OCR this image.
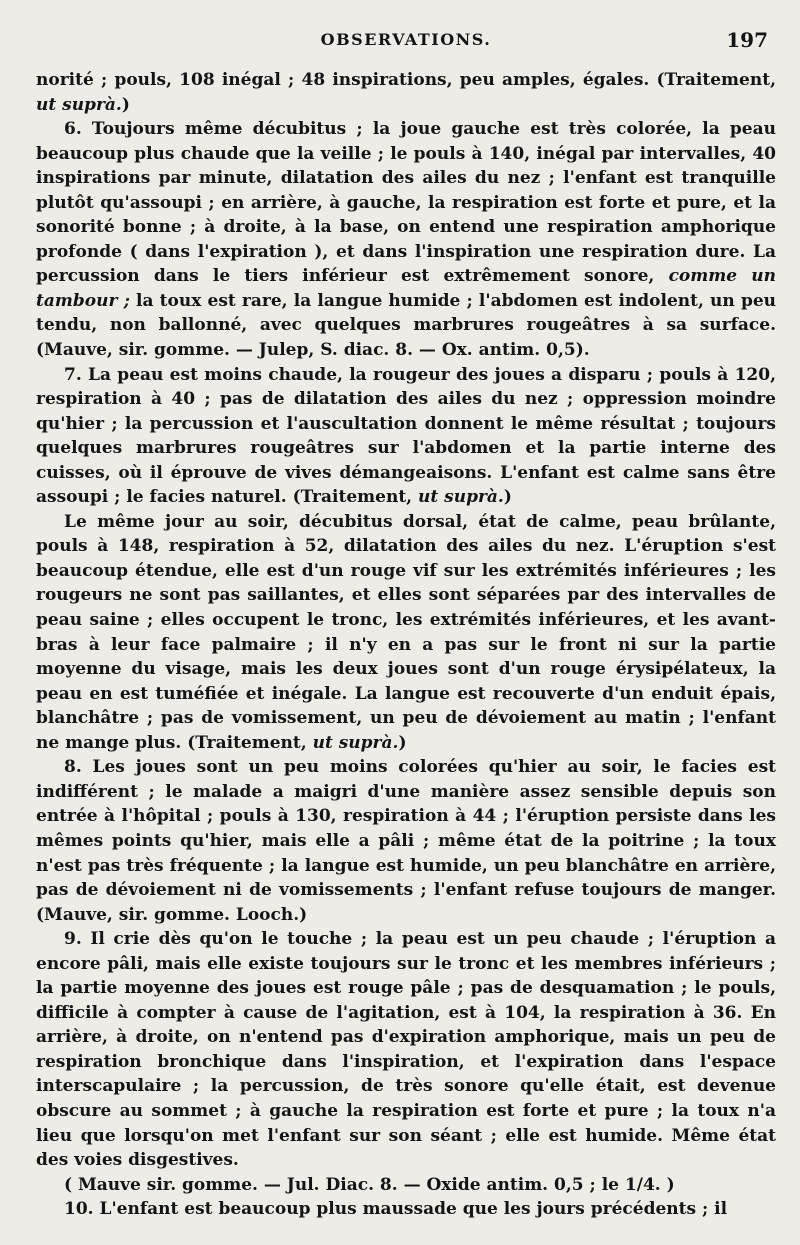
OBSERVATIONS.	197

norité ; pouls, 108 inégal ; 48 inspirations, peu amples, égales. (Traitement, ut suprà.)

6. Toujours même décubitus ; la joue gauche est très colorée, la peau beaucoup plus chaude que la veille ; le pouls à 140, inégal par intervalles, 40 inspirations par minute, dilatation des ailes du nez ; l'enfant est tranquille plutôt qu'assoupi ; en arrière, à gauche, la respiration est forte et pure, et la sonorité bonne ; à droite, à la base, on entend une respiration amphorique profonde ( dans l'expiration ), et dans l'inspiration une respiration dure. La percussion dans le tiers inférieur est extrêmement sonore, comme un tambour ; la toux est rare, la langue humide ; l'abdomen est indolent, un peu tendu, non ballonné, avec quelques marbrures rougeâtres à sa surface. (Mauve, sir. gomme. — Julep, S. diac. 8. — Ox. antim. 0,5).

7. La peau est moins chaude, la rougeur des joues a disparu ; pouls à 120, respiration à 40 ; pas de dilatation des ailes du nez ; oppression moindre qu'hier ; la percussion et l'auscultation donnent le même résultat ; toujours quelques marbrures rougeâtres sur l'abdomen et la partie interne des cuisses, où il éprouve de vives démangeaisons. L'enfant est calme sans être assoupi ; le facies naturel. (Traitement, ut suprà.)

Le même jour au soir, décubitus dorsal, état de calme, peau brûlante, pouls à 148, respiration à 52, dilatation des ailes du nez. L'éruption s'est beaucoup étendue, elle est d'un rouge vif sur les extrémités inférieures ; les rougeurs ne sont pas saillantes, et elles sont séparées par des intervalles de peau saine ; elles occupent le tronc, les extrémités inférieures, et les avant-bras à leur face palmaire ; il n'y en a pas sur le front ni sur la partie moyenne du visage, mais les deux joues sont d'un rouge érysipélateux, la peau en est tuméfiée et inégale. La langue est recouverte d'un enduit épais, blanchâtre ; pas de vomissement, un peu de dévoiement au matin ; l'enfant ne mange plus. (Traitement, ut suprà.)

8. Les joues sont un peu moins colorées qu'hier au soir, le facies est indifférent ; le malade a maigri d'une manière assez sensible depuis son entrée à l'hôpital ; pouls à 130, respiration à 44 ; l'éruption persiste dans les mêmes points qu'hier, mais elle a pâli ; même état de la poitrine ; la toux n'est pas très fréquente ; la langue est humide, un peu blanchâtre en arrière, pas de dévoiement ni de vomissements ; l'enfant refuse toujours de manger. (Mauve, sir. gomme. Looch.)

9. Il crie dès qu'on le touche ; la peau est un peu chaude ; l'éruption a encore pâli, mais elle existe toujours sur le tronc et les membres inférieurs ; la partie moyenne des joues est rouge pâle ; pas de desquamation ; le pouls, difficile à compter à cause de l'agitation, est à 104, la respiration à 36. En arrière, à droite, on n'entend pas d'expiration amphorique, mais un peu de respiration bronchique dans l'inspiration, et l'expiration dans l'espace interscapulaire ; la percussion, de très sonore qu'elle était, est devenue obscure au sommet ; à gauche la respiration est forte et pure ; la toux n'a lieu que lorsqu'on met l'enfant sur son séant ; elle est humide. Même état des voies disgestives.

( Mauve sir. gomme. — Jul. Diac. 8. — Oxide antim. 0,5 ; le 1/4. )

10. L'enfant est beaucoup plus maussade que les jours précédents ; il
